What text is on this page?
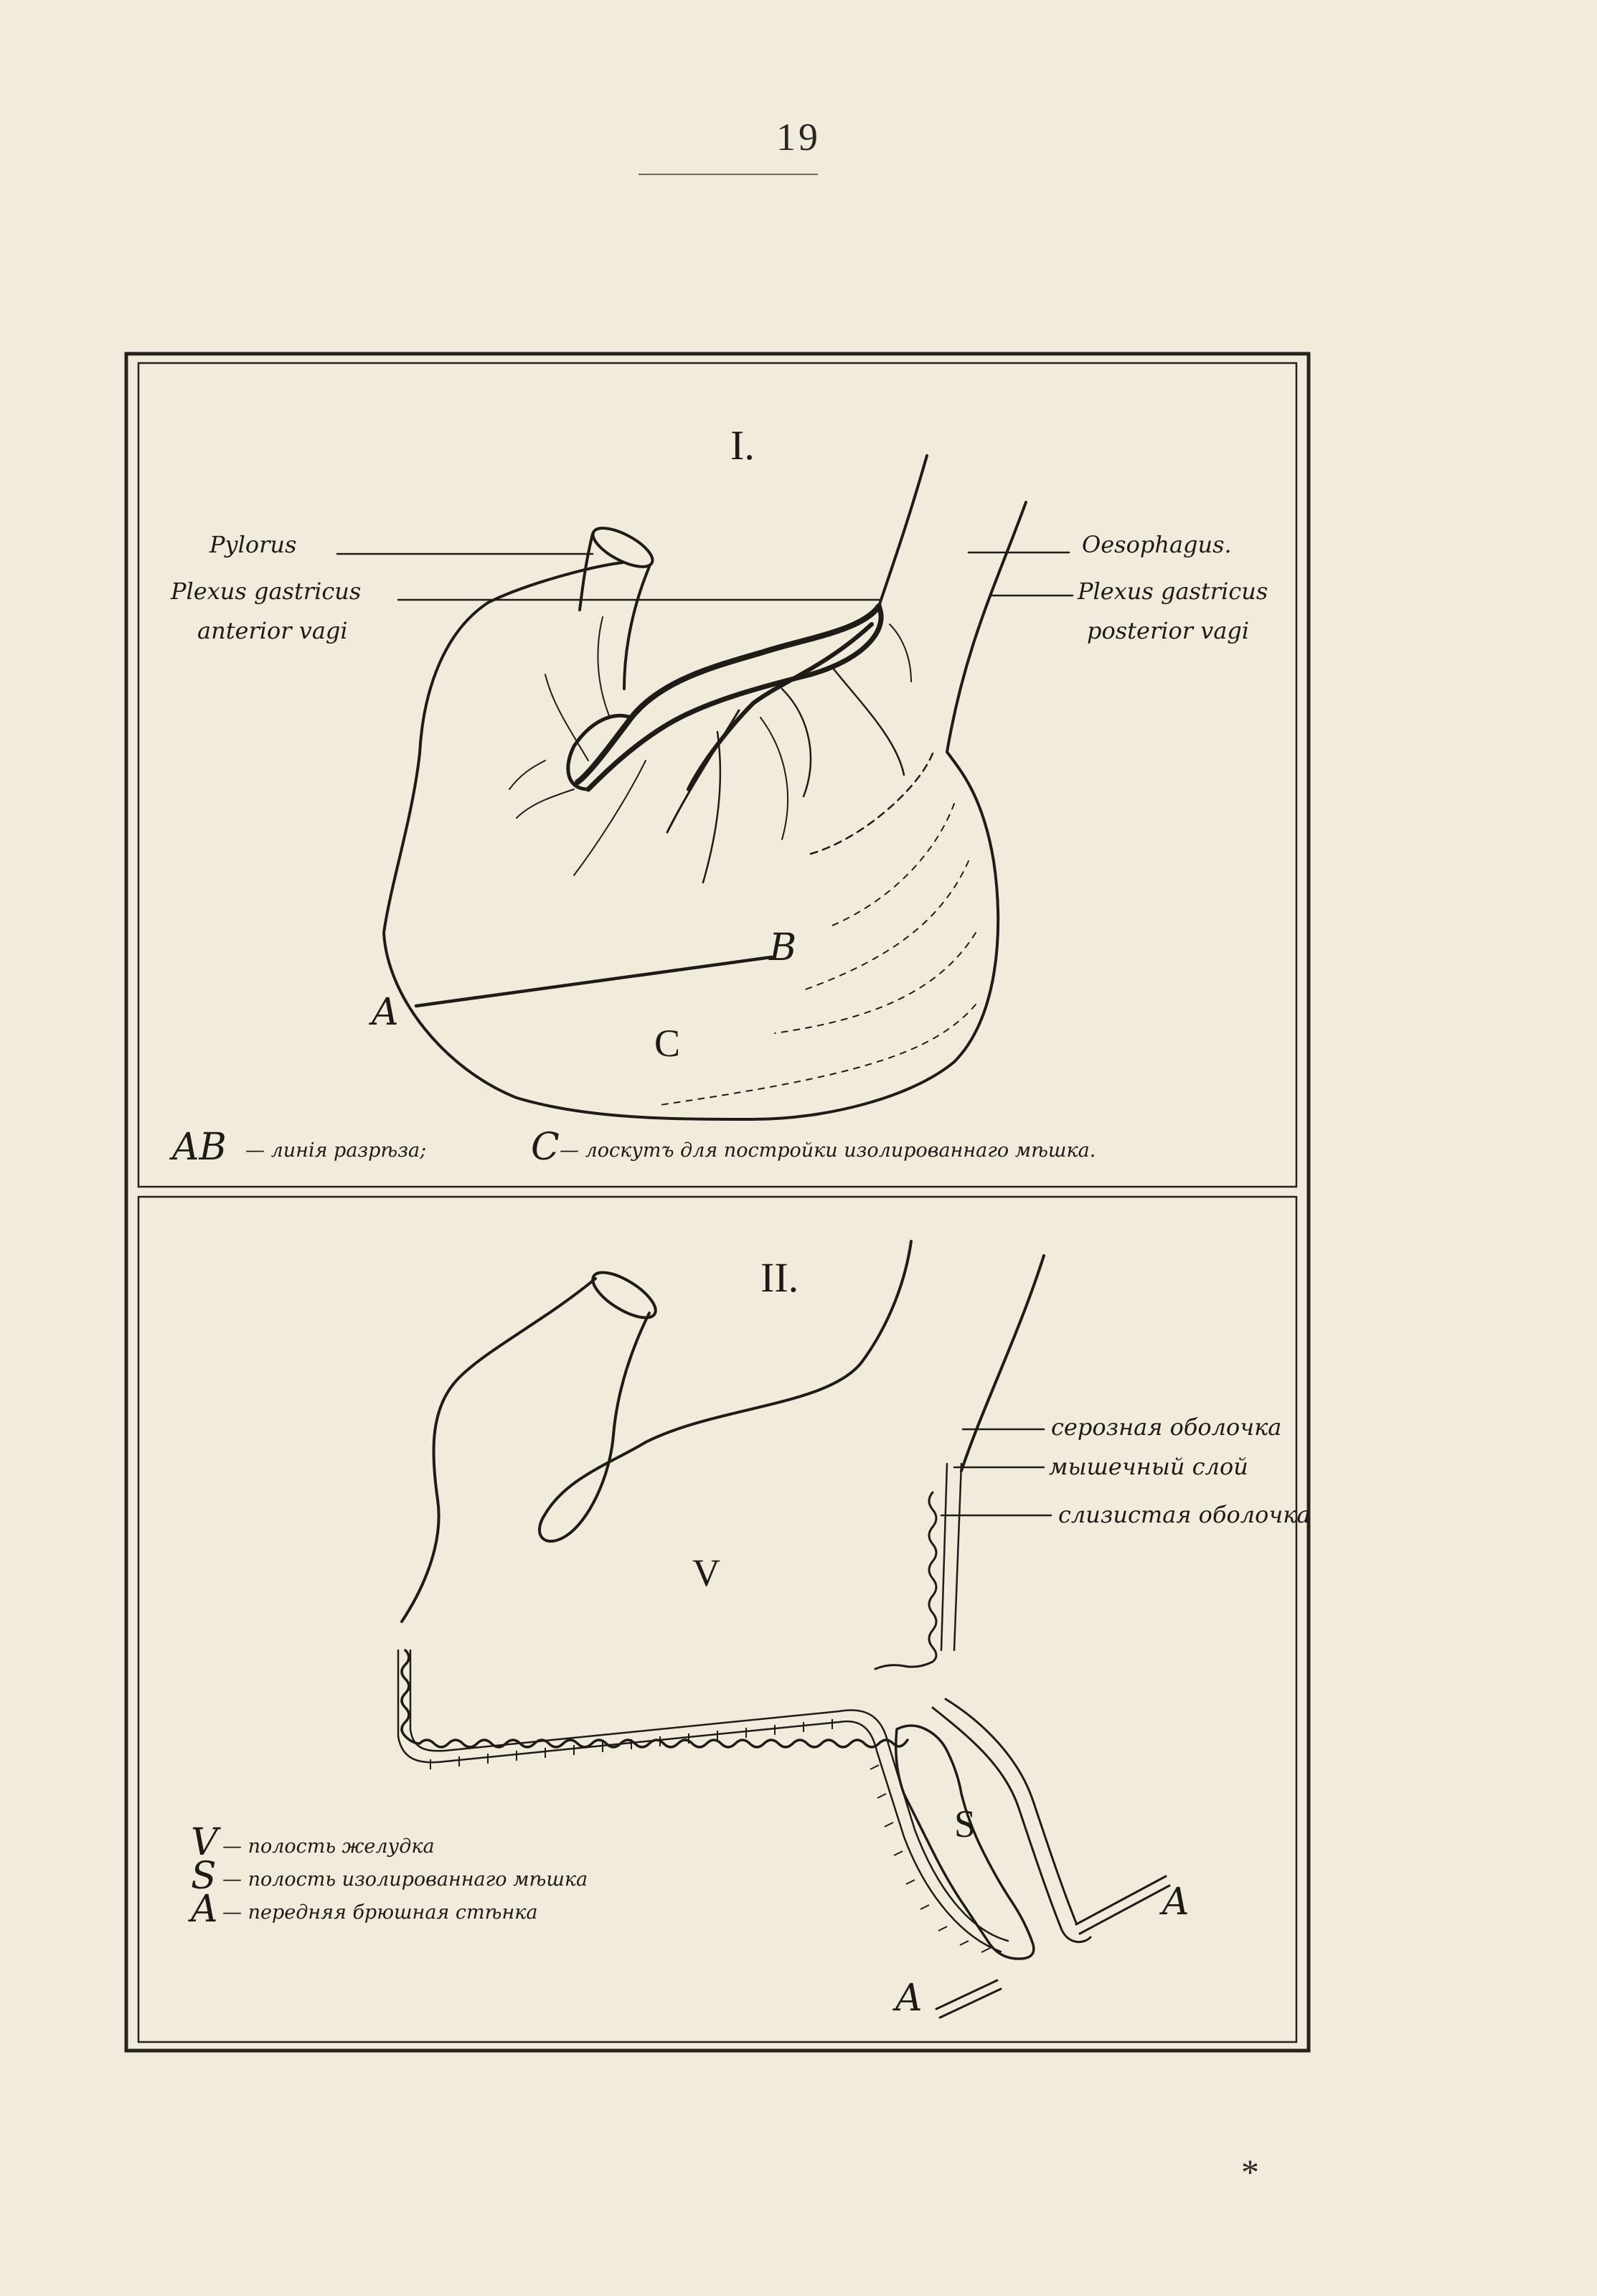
19
I.
Pylorus
Plexus gastricus
anterior vagi
Oesophagus.
Plexus gastricus
posterior vagi
A
B
C
AB — линія разрѣза;	C — лоскутъ для постройки изолированнаго мѣшка.
II.
серозная оболочка
мышечный слой
слизистая оболочка
V
S
A
A
V — полость желудка
S — полость изолированнаго мѣшка
A — передняя брюшная стѣнка
*
